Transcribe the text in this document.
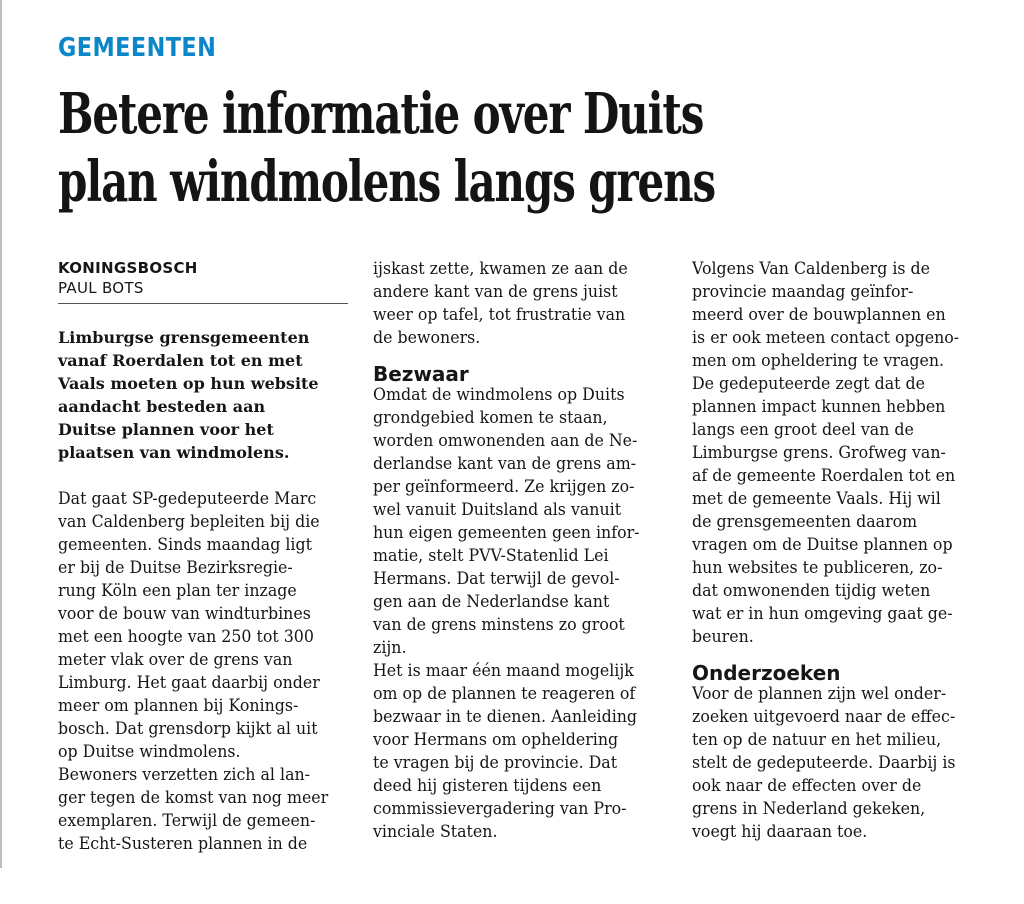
GEMEENTEN
Betere informatie over Duits
plan windmolens langs grens
KONINGSBOSCH
PAUL BOTS
Limburgse grensgemeenten
vanaf Roerdalen tot en met
Vaals moeten op hun website
aandacht besteden aan
Duitse plannen voor het
plaatsen van windmolens.
Dat gaat SP-gedeputeerde Marc
van Caldenberg bepleiten bij die
gemeenten. Sinds maandag ligt
er bij de Duitse Bezirksregie-
rung Köln een plan ter inzage
voor de bouw van windturbines
met een hoogte van 250 tot 300
meter vlak over de grens van
Limburg. Het gaat daarbij onder
meer om plannen bij Konings-
bosch. Dat grensdorp kijkt al uit
op Duitse windmolens.
Bewoners verzetten zich al lan-
ger tegen de komst van nog meer
exemplaren. Terwijl de gemeen-
te Echt-Susteren plannen in de
ijskast zette, kwamen ze aan de
andere kant van de grens juist
weer op tafel, tot frustratie van
de bewoners.
Bezwaar
Omdat de windmolens op Duits
grondgebied komen te staan,
worden omwonenden aan de Ne-
derlandse kant van de grens am-
per geïnformeerd. Ze krijgen zo-
wel vanuit Duitsland als vanuit
hun eigen gemeenten geen infor-
matie, stelt PVV-Statenlid Lei
Hermans. Dat terwijl de gevol-
gen aan de Nederlandse kant
van de grens minstens zo groot
zijn.
Het is maar één maand mogelijk
om op de plannen te reageren of
bezwaar in te dienen. Aanleiding
voor Hermans om opheldering
te vragen bij de provincie. Dat
deed hij gisteren tijdens een
commissievergadering van Pro-
vinciale Staten.
Volgens Van Caldenberg is de
provincie maandag geïnfor-
meerd over de bouwplannen en
is er ook meteen contact opgeno-
men om opheldering te vragen.
De gedeputeerde zegt dat de
plannen impact kunnen hebben
langs een groot deel van de
Limburgse grens. Grofweg van-
af de gemeente Roerdalen tot en
met de gemeente Vaals. Hij wil
de grensgemeenten daarom
vragen om de Duitse plannen op
hun websites te publiceren, zo-
dat omwonenden tijdig weten
wat er in hun omgeving gaat ge-
beuren.
Onderzoeken
Voor de plannen zijn wel onder-
zoeken uitgevoerd naar de effec-
ten op de natuur en het milieu,
stelt de gedeputeerde. Daarbij is
ook naar de effecten over de
grens in Nederland gekeken,
voegt hij daaraan toe.
